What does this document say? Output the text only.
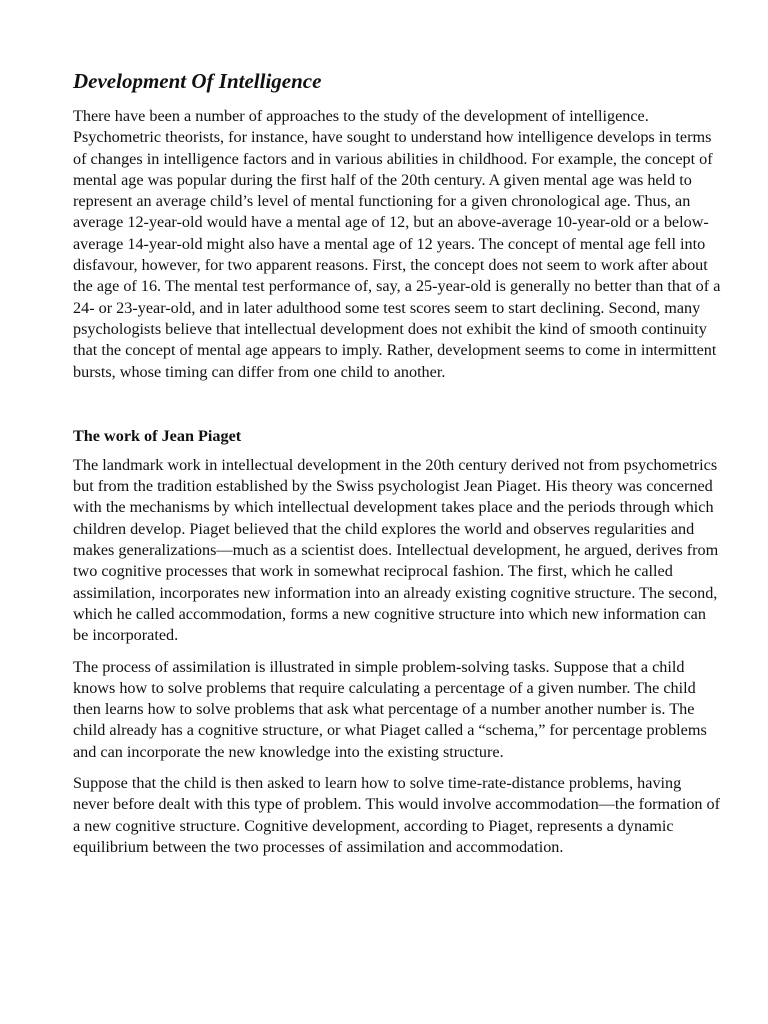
Development Of Intelligence

There have been a number of approaches to the study of the development of intelligence. Psychometric theorists, for instance, have sought to understand how intelligence develops in terms of changes in intelligence factors and in various abilities in childhood. For example, the concept of mental age was popular during the first half of the 20th century. A given mental age was held to represent an average child’s level of mental functioning for a given chronological age. Thus, an average 12-year-old would have a mental age of 12, but an above-average 10-year-old or a below-average 14-year-old might also have a mental age of 12 years. The concept of mental age fell into disfavour, however, for two apparent reasons. First, the concept does not seem to work after about the age of 16. The mental test performance of, say, a 25-year-old is generally no better than that of a 24- or 23-year-old, and in later adulthood some test scores seem to start declining. Second, many psychologists believe that intellectual development does not exhibit the kind of smooth continuity that the concept of mental age appears to imply. Rather, development seems to come in intermittent bursts, whose timing can differ from one child to another.

The work of Jean Piaget

The landmark work in intellectual development in the 20th century derived not from psychometrics but from the tradition established by the Swiss psychologist Jean Piaget. His theory was concerned with the mechanisms by which intellectual development takes place and the periods through which children develop. Piaget believed that the child explores the world and observes regularities and makes generalizations—much as a scientist does. Intellectual development, he argued, derives from two cognitive processes that work in somewhat reciprocal fashion. The first, which he called assimilation, incorporates new information into an already existing cognitive structure. The second, which he called accommodation, forms a new cognitive structure into which new information can be incorporated.

The process of assimilation is illustrated in simple problem-solving tasks. Suppose that a child knows how to solve problems that require calculating a percentage of a given number. The child then learns how to solve problems that ask what percentage of a number another number is. The child already has a cognitive structure, or what Piaget called a “schema,” for percentage problems and can incorporate the new knowledge into the existing structure.

Suppose that the child is then asked to learn how to solve time-rate-distance problems, having never before dealt with this type of problem. This would involve accommodation—the formation of a new cognitive structure. Cognitive development, according to Piaget, represents a dynamic equilibrium between the two processes of assimilation and accommodation.
